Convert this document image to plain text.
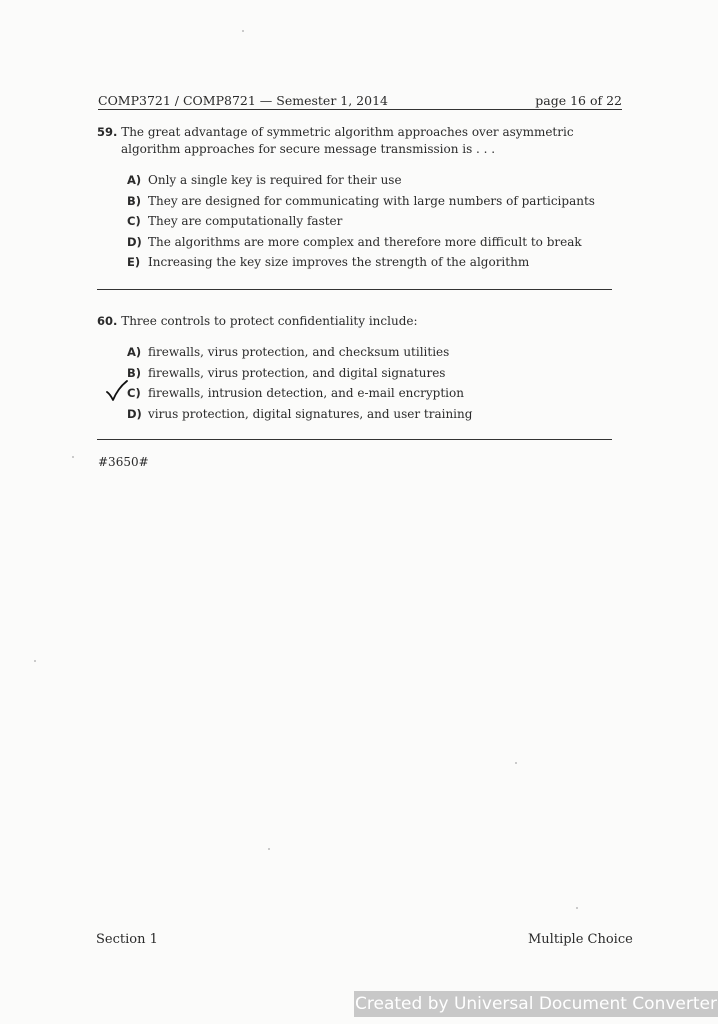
COMP3721 / COMP8721 — Semester 1, 2014	page 16 of 22
59. The great advantage of symmetric algorithm approaches over asymmetric algorithm approaches for secure message transmission is . . .
A) Only a single key is required for their use
B) They are designed for communicating with large numbers of participants
C) They are computationally faster
D) The algorithms are more complex and therefore more difficult to break
E) Increasing the key size improves the strength of the algorithm
60. Three controls to protect confidentiality include:
A) firewalls, virus protection, and checksum utilities
B) firewalls, virus protection, and digital signatures
C) firewalls, intrusion detection, and e-mail encryption
D) virus protection, digital signatures, and user training
#3650#
Section 1	Multiple Choice
Created by Universal Document Converter
